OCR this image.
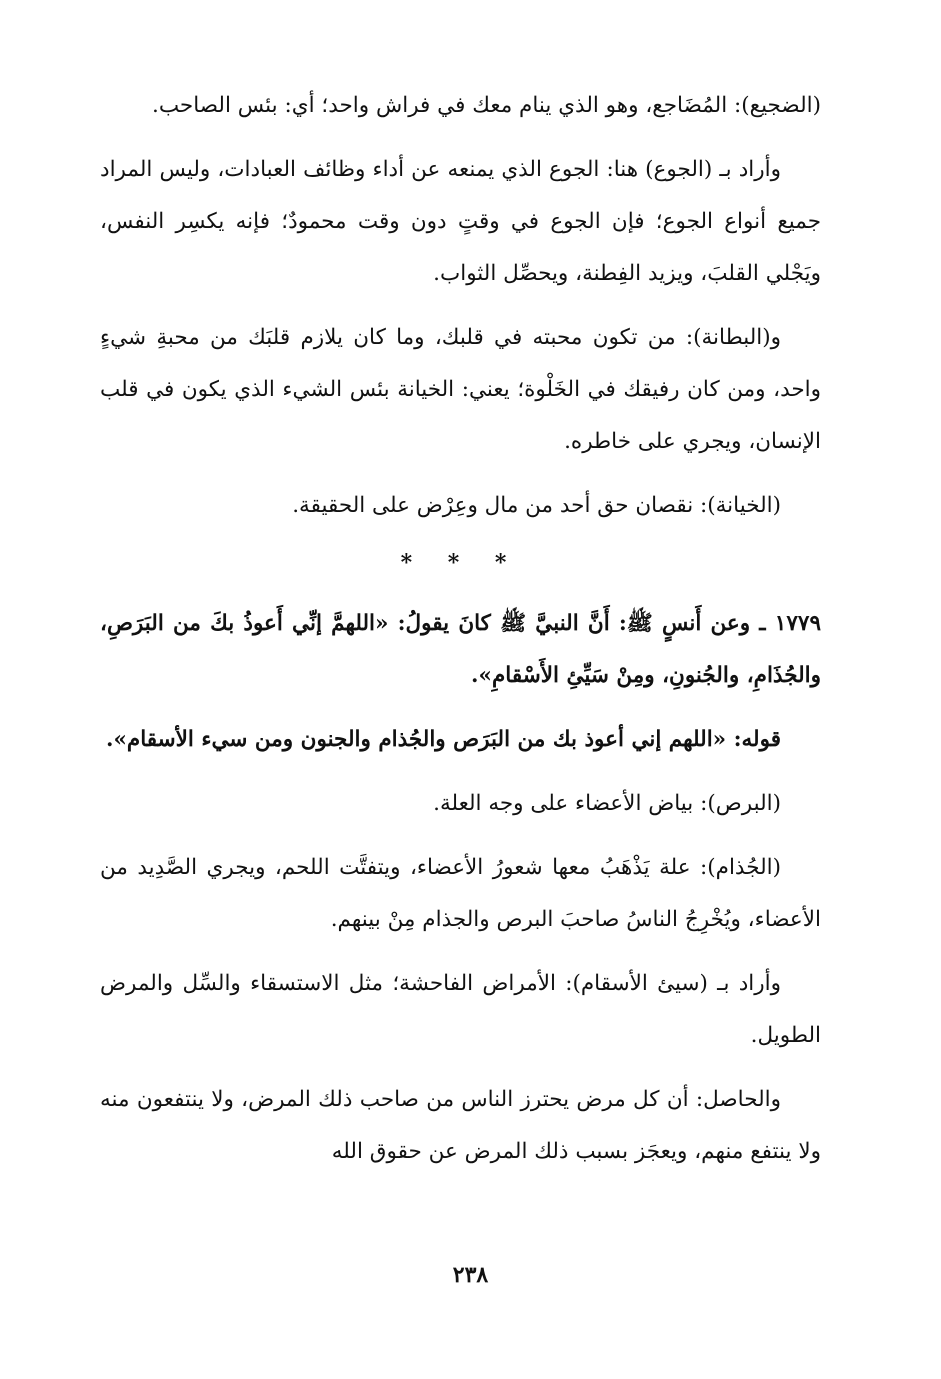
(الضجيع): المُضَاجع، وهو الذي ينام معك في فراش واحد؛ أي: بئس الصاحب.

وأراد بـ (الجوع) هنا: الجوع الذي يمنعه عن أداء وظائف العبادات، وليس المراد جميع أنواع الجوع؛ فإن الجوع في وقتٍ دون وقت محمودٌ؛ فإنه يكسِر النفس، ويَجْلي القلبَ، ويزيد الفِطنة، ويحصِّل الثواب.

و(البطانة): من تكون محبته في قلبك، وما كان يلازم قلبَك من محبةِ شيءٍ واحد، ومن كان رفيقك في الخَلْوة؛ يعني: الخيانة بئس الشيء الذي يكون في قلب الإنسان، ويجري على خاطره.

(الخيانة): نقصان حق أحد من مال وعِرْض على الحقيقة.

* * *

١٧٧٩ ـ وعن أَنسٍ ﷺ: أَنَّ النبيَّ ﷺ كانَ يقولُ: «اللهمَّ إنِّي أَعوذُ بكَ من البَرَصِ، والجُذَامِ، والجُنونِ، ومِنْ سَيِّئِ الأَسْقامِ».

قوله: «اللهم إني أعوذ بك من البَرَص والجُذام والجنون ومن سيء الأسقام».

(البرص): بياض الأعضاء على وجه العلة.

(الجُذام): علة يَذْهَبُ معها شعورُ الأعضاء، ويتفتَّت اللحم، ويجري الصَّدِيد من الأعضاء، ويُخْرِجُ الناسُ صاحبَ البرص والجذام مِنْ بينهم.

وأراد بـ (سيئ الأسقام): الأمراض الفاحشة؛ مثل الاستسقاء والسِّل والمرض الطويل.

والحاصل: أن كل مرض يحترز الناس من صاحب ذلك المرض، ولا ينتفعون منه ولا ينتفع منهم، ويعجَز بسبب ذلك المرض عن حقوق الله

٢٣٨
